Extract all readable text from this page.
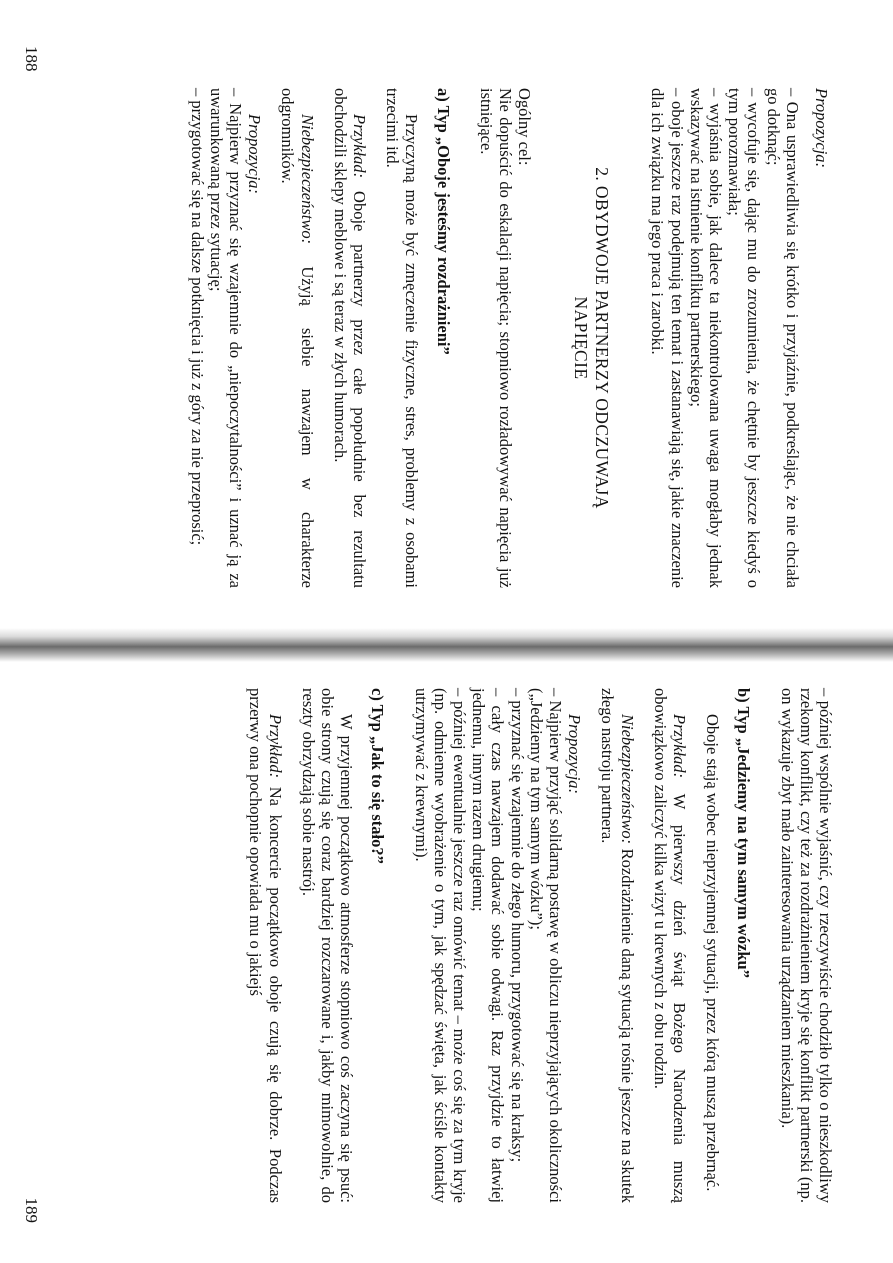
Propozycja:

– Ona usprawiedliwia się krótko i przyjaźnie, podkreślając, że nie chciała go dotknąć;

– wycofuje się, dając mu do zrozumienia, że chętnie by jeszcze kiedyś o tym porozmawiała;

– wyjaśnia sobie, jak dalece ta niekontrolowana uwaga mogłaby jednak wskazywać na istnienie konfliktu partnerskiego;

– oboje jeszcze raz podejmują ten temat i zastanawiają się, jakie znaczenie dla ich związku ma jego praca i zarobki.

2. OBYDWOJE PARTNERZY ODCZUWAJĄ
NAPIĘCIE

Ogólny cel:

Nie dopuścić do eskalacji napięcia; stopniowo rozładowywać napięcia już istniejące.

a) Typ „Oboje jesteśmy rozdrażnieni”

Przyczyną może być zmęczenie fizyczne, stres, problemy z osobami trzecimi itd.

Przykład: Oboje partnerzy przez całe popołudnie bez rezultatu obchodzili sklepy meblowe i są teraz w złych humorach.

Niebezpieczeństwo: Użyją siebie nawzajem w charakterze odgromników.

Propozycja:

– Najpierw przyznać się wzajemnie do „niepoczytalności” i uznać ją za uwarunkowaną przez sytuację;

– przygotować się na dalsze potknięcia i już z góry za nie przeprosić;

188

– później wspólnie wyjaśnić, czy rzeczywiście chodziło tylko o nieszkodliwy rzekomy konflikt, czy też za rozdrażnieniem kryje się konflikt partnerski (np. on wykazuje zbyt mało zainteresowania urządzaniem mieszkania).

b) Typ „Jedziemy na tym samym wózku”

Oboje stają wobec nieprzyjemnej sytuacji, przez którą muszą przebrnąć.

Przykład: W pierwszy dzień świąt Bożego Narodzenia muszą obowiązkowo zaliczyć kilka wizyt u krewnych z obu rodzin.

Niebezpieczeństwo: Rozdrażnienie daną sytuacją rośnie jeszcze na skutek złego nastroju partnera.

Propozycja:

– Najpierw przyjąć solidarną postawę w obliczu nieprzyjających okoliczności („Jedziemy na tym samym wózku”);

– przyznać się wzajemnie do złego humoru, przygotować się na kraksy;

– cały czas nawzajem dodawać sobie odwagi. Raz przyjdzie to łatwiej jednemu, innym razem drugiemu;

– później ewentualnie jeszcze raz omówić temat – może coś się za tym kryje (np. odmienne wyobrażenie o tym, jak spędzać święta, jak ściśle kontakty utrzymywać z krewnymi).

c) Typ „Jak to się stało?”

W przyjemnej początkowo atmosferze stopniowo coś zaczyna się psuć: obie strony czują się coraz bardziej rozczarowane i, jakby mimowolnie, do reszty obrzydzają sobie nastrój.

Przykład: Na koncercie początkowo oboje czują się dobrze. Podczas przerwy ona pochopnie opowiada mu o jakiejś

189
